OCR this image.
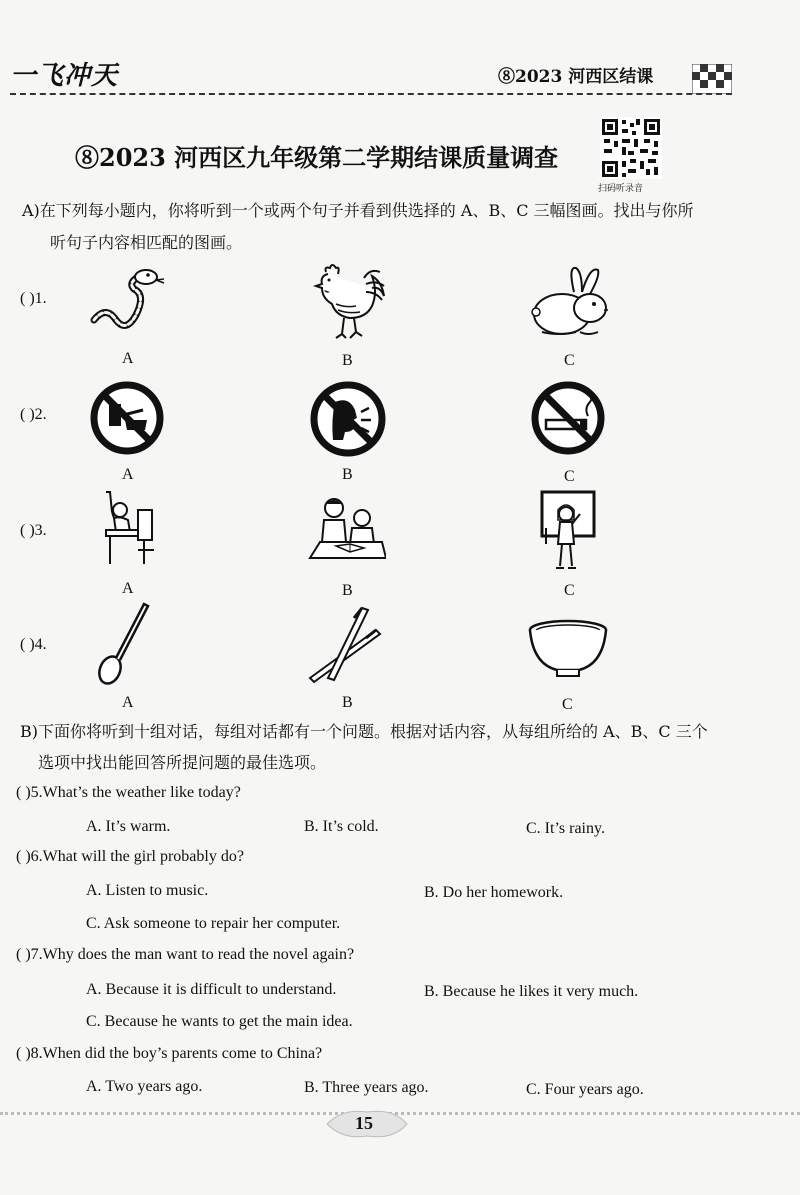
一飞冲天	⑧2023 河西区结课
⑧2023 河西区九年级第二学期结课质量调查
扫码听录音
A)在下列每小题内，你将听到一个或两个句子并看到供选择的 A、B、C 三幅图画。找出与你所
听句子内容相匹配的图画。
( )1.
A	B	C
( )2.
A	B	C
( )3.
A	B	C
( )4.
A	B	C
B)下面你将听到十组对话，每组对话都有一个问题。根据对话内容，从每组所给的 A、B、C 三个
选项中找出能回答所提问题的最佳选项。
( )5.What’s the weather like today?
A. It’s warm.	B. It’s cold.	C. It’s rainy.
( )6.What will the girl probably do?
A. Listen to music.	B. Do her homework.
C. Ask someone to repair her computer.
( )7.Why does the man want to read the novel again?
A. Because it is difficult to understand.	B. Because he likes it very much.
C. Because he wants to get the main idea.
( )8.When did the boy’s parents come to China?
A. Two years ago.	B. Three years ago.	C. Four years ago.
15
